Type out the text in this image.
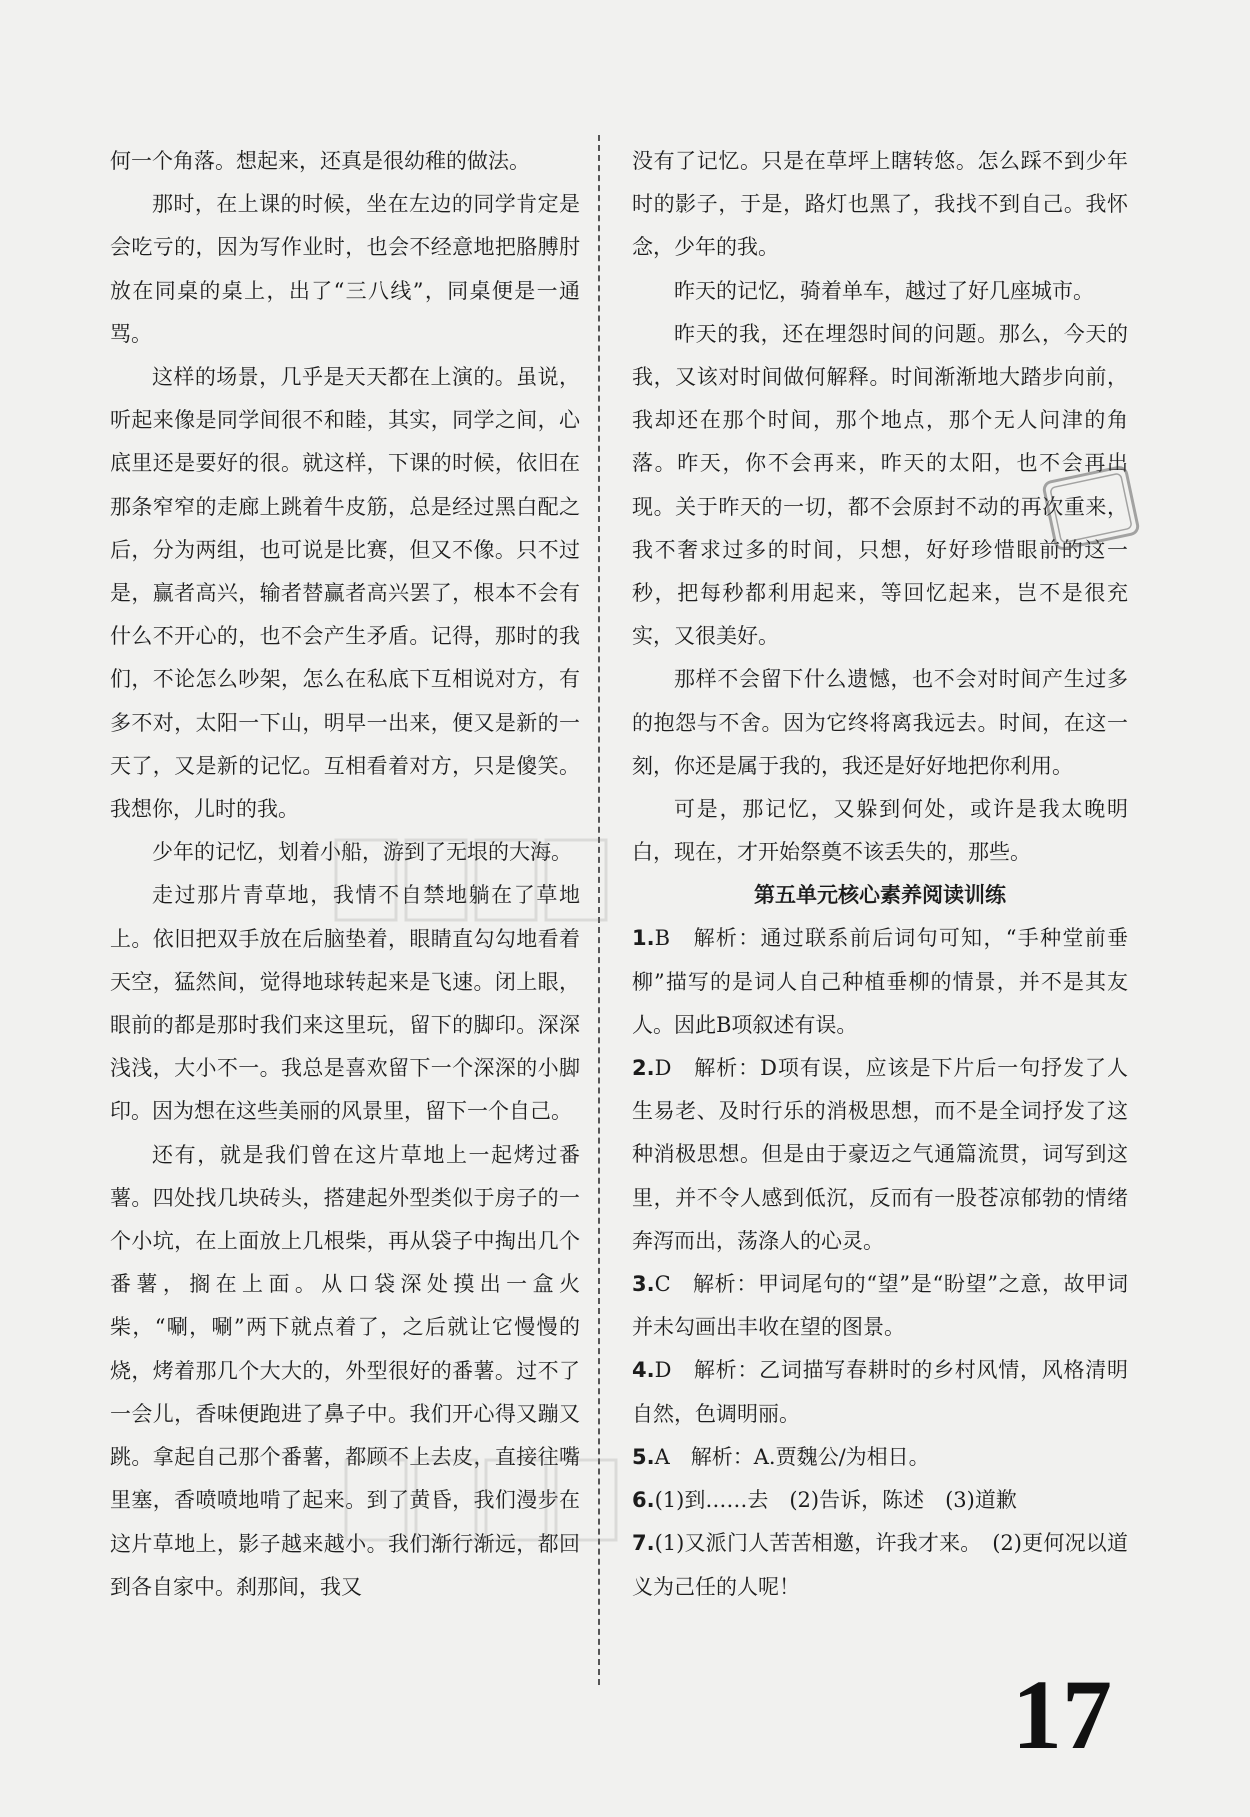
何一个角落。想起来，还真是很幼稚的做法。

那时，在上课的时候，坐在左边的同学肯定是会吃亏的，因为写作业时，也会不经意地把胳膊肘放在同桌的桌上，出了“三八线”，同桌便是一通骂。

这样的场景，几乎是天天都在上演的。虽说，听起来像是同学间很不和睦，其实，同学之间，心底里还是要好的很。就这样，下课的时候，依旧在那条窄窄的走廊上跳着牛皮筋，总是经过黑白配之后，分为两组，也可说是比赛，但又不像。只不过是，赢者高兴，输者替赢者高兴罢了，根本不会有什么不开心的，也不会产生矛盾。记得，那时的我们，不论怎么吵架，怎么在私底下互相说对方，有多不对，太阳一下山，明早一出来，便又是新的一天了，又是新的记忆。互相看着对方，只是傻笑。我想你，儿时的我。

少年的记忆，划着小船，游到了无垠的大海。

走过那片青草地，我情不自禁地躺在了草地上。依旧把双手放在后脑垫着，眼睛直勾勾地看着天空，猛然间，觉得地球转起来是飞速。闭上眼，眼前的都是那时我们来这里玩，留下的脚印。深深浅浅，大小不一。我总是喜欢留下一个深深的小脚印。因为想在这些美丽的风景里，留下一个自己。

还有，就是我们曾在这片草地上一起烤过番薯。四处找几块砖头，搭建起外型类似于房子的一个小坑，在上面放上几根柴，再从袋子中掏出几个番薯，搁在上面。从口袋深处摸出一盒火柴，“唰，唰”两下就点着了，之后就让它慢慢的烧，烤着那几个大大的，外型很好的番薯。过不了一会儿，香味便跑进了鼻子中。我们开心得又蹦又跳。拿起自己那个番薯，都顾不上去皮，直接往嘴里塞，香喷喷地啃了起来。到了黄昏，我们漫步在这片草地上，影子越来越小。我们渐行渐远，都回到各自家中。刹那间，我又

没有了记忆。只是在草坪上瞎转悠。怎么踩不到少年时的影子，于是，路灯也黑了，我找不到自己。我怀念，少年的我。

昨天的记忆，骑着单车，越过了好几座城市。

昨天的我，还在埋怨时间的问题。那么，今天的我，又该对时间做何解释。时间渐渐地大踏步向前，我却还在那个时间，那个地点，那个无人问津的角落。昨天，你不会再来，昨天的太阳，也不会再出现。关于昨天的一切，都不会原封不动的再次重来，我不奢求过多的时间，只想，好好珍惜眼前的这一秒，把每秒都利用起来，等回忆起来，岂不是很充实，又很美好。

那样不会留下什么遗憾，也不会对时间产生过多的抱怨与不舍。因为它终将离我远去。时间，在这一刻，你还是属于我的，我还是好好地把你利用。

可是，那记忆，又躲到何处，或许是我太晚明白，现在，才开始祭奠不该丢失的，那些。

第五单元核心素养阅读训练

1.B　解析：通过联系前后词句可知，“手种堂前垂柳”描写的是词人自己种植垂柳的情景，并不是其友人。因此B项叙述有误。

2.D　解析：D项有误，应该是下片后一句抒发了人生易老、及时行乐的消极思想，而不是全词抒发了这种消极思想。但是由于豪迈之气通篇流贯，词写到这里，并不令人感到低沉，反而有一股苍凉郁勃的情绪奔泻而出，荡涤人的心灵。

3.C　解析：甲词尾句的“望”是“盼望”之意，故甲词并未勾画出丰收在望的图景。

4.D　解析：乙词描写春耕时的乡村风情，风格清明自然，色调明丽。

5.A　解析：A.贾魏公/为相日。

6.(1)到……去　(2)告诉，陈述　(3)道歉

7.(1)又派门人苦苦相邀，许我才来。　(2)更何况以道义为己任的人呢！

17
